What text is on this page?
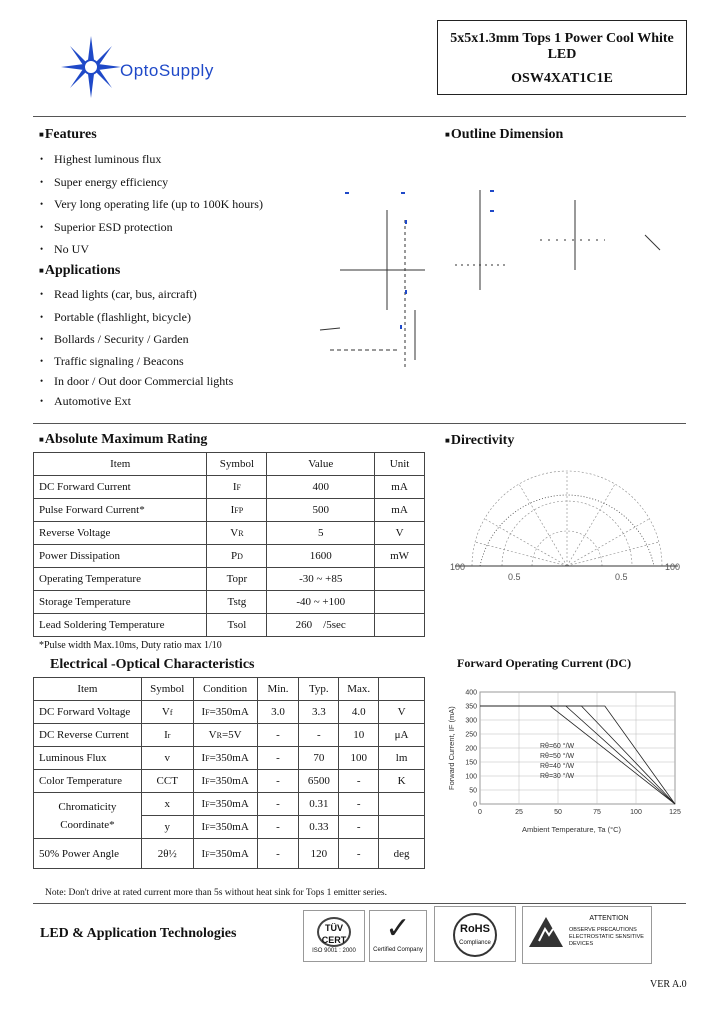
OptoSupply
5x5x1.3mm Tops 1 Power Cool White
LED
OSW4XAT1C1E
■ Features
• Highest luminous flux
• Super energy efficiency
• Very long operating life (up to 100K hours)
• Superior ESD protection
• No UV
■ Applications
• Read lights (car, bus, aircraft)
• Portable (flashlight, bicycle)
• Bollards / Security / Garden
• Traffic signaling / Beacons
• In door / Out door Commercial lights
• Automotive Ext
■ Outline Dimension
■ Directivity
100	100
0.5	0.5
■ Absolute Maximum Rating
Item	Symbol	Value	Unit
DC Forward Current	IF	400	mA
Pulse Forward Current*	IFP	500	mA
Reverse Voltage	VR	5	V
Power Dissipation	PD	1600	mW
Operating Temperature	Topr	-30 ~ +85	
Storage Temperature	Tstg	-40 ~ +100	
Lead Soldering Temperature	Tsol	260    /5sec	
*Pulse width Max.10ms, Duty ratio max 1/10
Electrical -Optical Characteristics
Item	Symbol	Condition	Min.	Typ.	Max.	
DC Forward Voltage	Vf	IF=350mA	3.0	3.3	4.0	V
DC Reverse Current	Ir	VR=5V	-	-	10	μA
Luminous Flux	v	IF=350mA	-	70	100	lm
Color Temperature	CCT	IF=350mA	-	6500	-	K
Chromaticity Coordinate*	x	IF=350mA	-	0.31	-	
	y	IF=350mA	-	0.33	-	
50% Power Angle	2θ½	IF=350mA	-	120	-	deg
Forward Operating Current (DC)
400
350
300
250
200
150
100
50
0
0	25	50	75	100	125
Rθ=60 °/W
Rθ=50 °/W
Rθ=40 °/W
Rθ=30 °/W
Ambient Temperature, Ta (°C)
Forward Current, IF (mA)
Note: Don't drive at rated current more than 5s without heat sink for Tops 1 emitter series.
LED & Application Technologies	TÜV CERT
ISO 9001 : 2000
✓
Certified Company
RoHS
Compliance
ATTENTION
OBSERVE PRECAUTIONS ELECTROSTATIC SENSITIVE DEVICES
VER A.0
